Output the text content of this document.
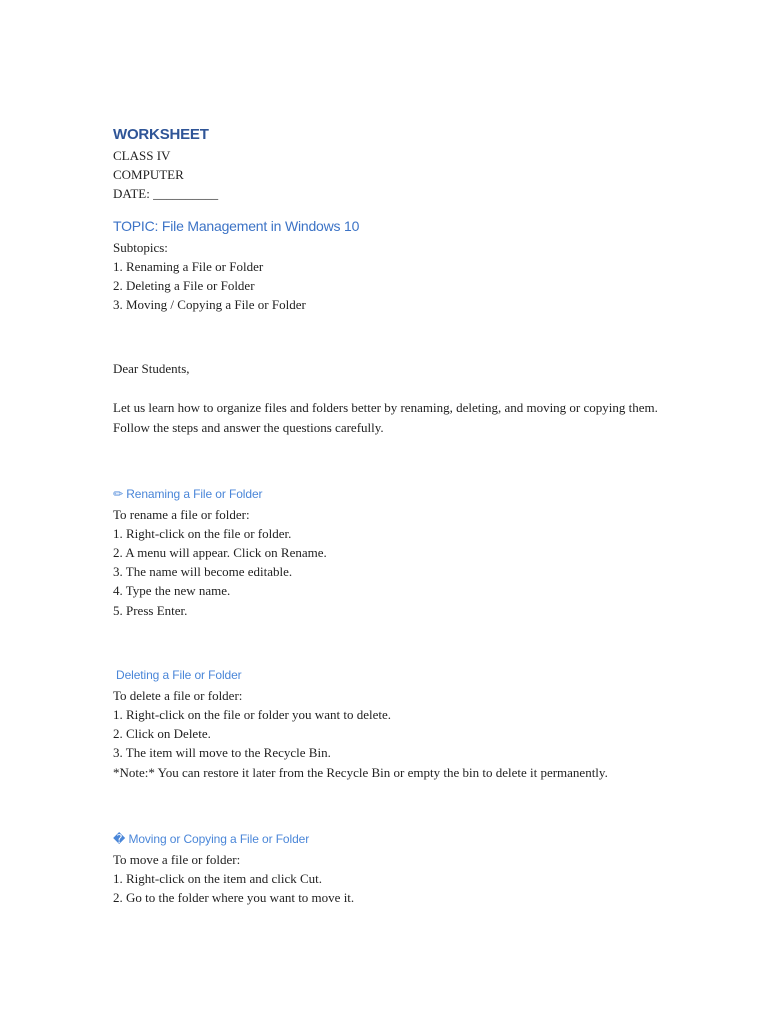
WORKSHEET

CLASS IV

COMPUTER

DATE: __________

TOPIC: File Management in Windows 10

Subtopics:

1. Renaming a File or Folder

2. Deleting a File or Folder

3. Moving / Copying a File or Folder

Dear Students,

Let us learn how to organize files and folders better by renaming, deleting, and moving or copying them. Follow the steps and answer the questions carefully.

✏ Renaming a File or Folder

To rename a file or folder:

1. Right-click on the file or folder.

2. A menu will appear. Click on Rename.

3. The name will become editable.

4. Type the new name.

5. Press Enter.

Deleting a File or Folder

To delete a file or folder:

1. Right-click on the file or folder you want to delete.

2. Click on Delete.

3. The item will move to the Recycle Bin.

*Note:* You can restore it later from the Recycle Bin or empty the bin to delete it permanently.

� Moving or Copying a File or Folder

To move a file or folder:

1. Right-click on the item and click Cut.

2. Go to the folder where you want to move it.
